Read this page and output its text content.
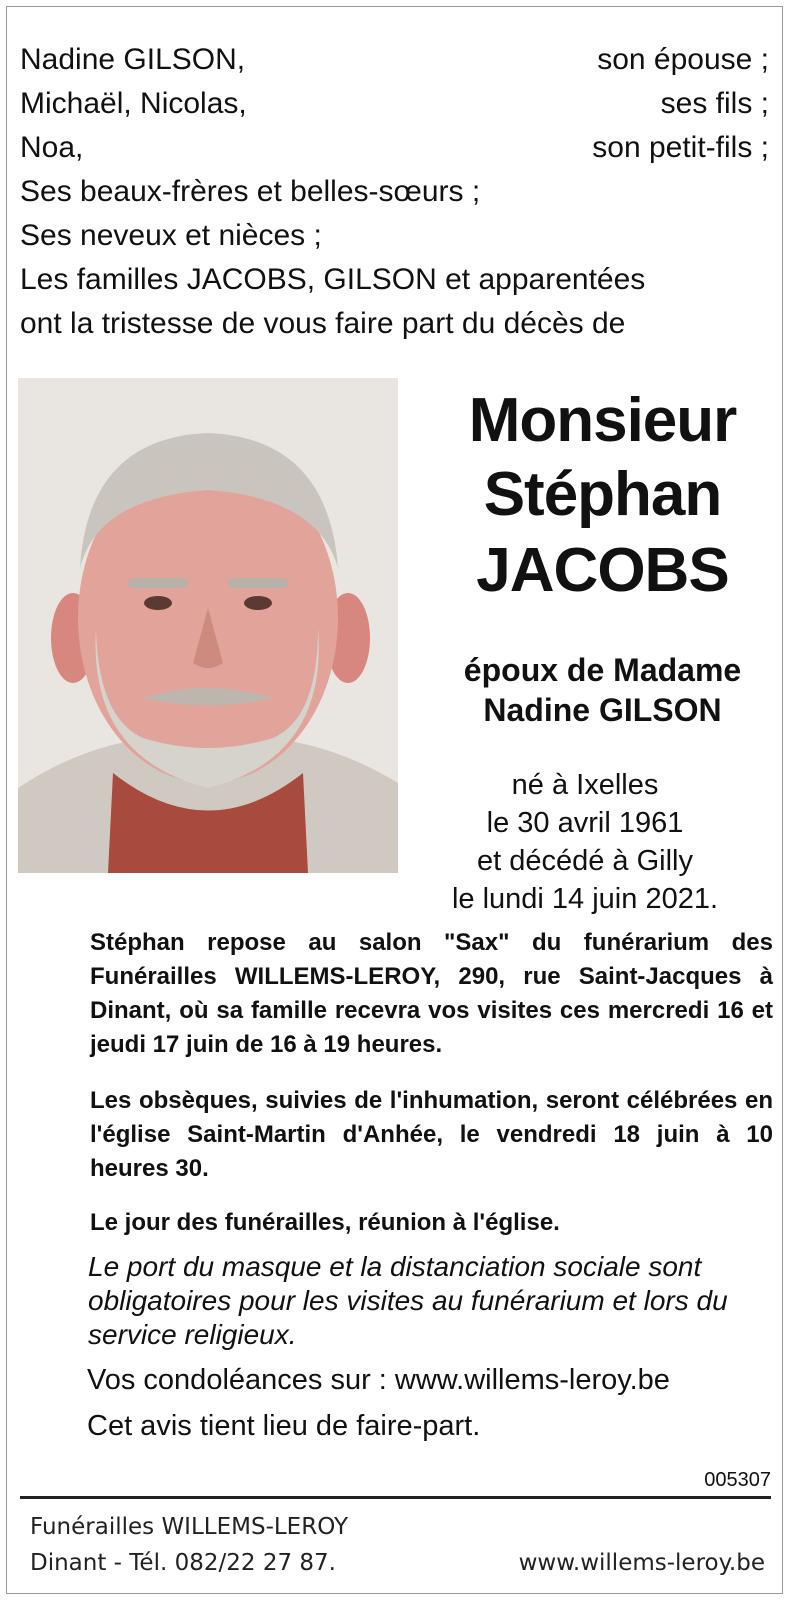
Nadine GILSON,	son épouse ;
Michaël, Nicolas,	ses fils ;
Noa,	son petit-fils ;
Ses beaux-frères et belles-sœurs ;
Ses neveux et nièces ;
Les familles JACOBS, GILSON et apparentées
ont la tristesse de vous faire part du décès de
Monsieur
Stéphan
JACOBS
époux de Madame
Nadine GILSON
né à Ixelles
le 30 avril 1961
et décédé à Gilly
le lundi 14 juin 2021.
Stéphan repose au salon "Sax" du funérarium des Funérailles WILLEMS-LEROY, 290, rue Saint-Jacques à Dinant, où sa famille recevra vos visites ces mercredi 16 et jeudi 17 juin de 16 à 19 heures.
Les obsèques, suivies de l'inhumation, seront célébrées en l'église Saint-Martin d'Anhée, le vendredi 18 juin à 10 heures 30.
Le jour des funérailles, réunion à l'église.
Le port du masque et la distanciation sociale sont obligatoires pour les visites au funérarium et lors du service religieux.
Vos condoléances sur : www.willems-leroy.be
Cet avis tient lieu de faire-part.
005307
Funérailles WILLEMS-LEROY
Dinant - Tél. 082/22 27 87.	www.willems-leroy.be
